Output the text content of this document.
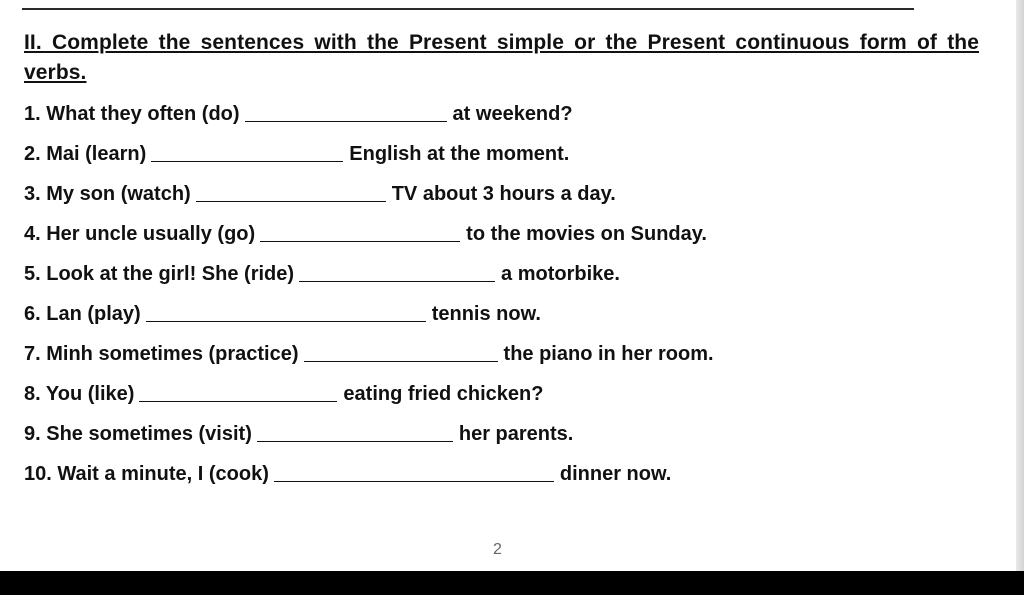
II. Complete the sentences with the Present simple or the Present continuous form of the verbs.

1. What they often (do)	at weekend?
2. Mai (learn)	English at the moment.
3. My son (watch)	TV about 3 hours a day.
4. Her uncle usually (go)	to the movies on Sunday.
5. Look at the girl! She (ride)	a motorbike.
6. Lan (play)	tennis now.
7. Minh sometimes (practice)	the piano in her room.
8. You (like)	eating fried chicken?
9. She sometimes (visit)	her parents.
10. Wait a minute, I (cook)	dinner now.
2
